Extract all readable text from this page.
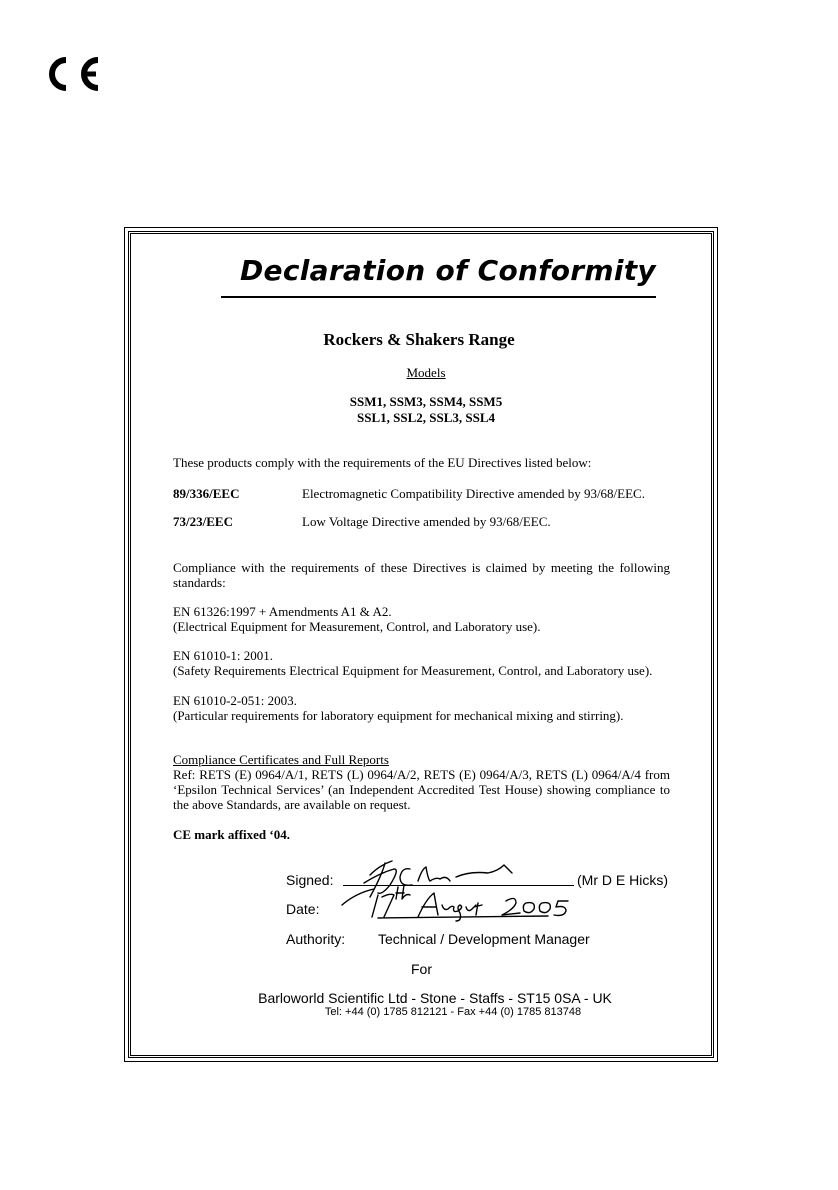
Declaration of Conformity
Rockers & Shakers Range
Models
SSM1, SSM3, SSM4, SSM5
SSL1, SSL2, SSL3, SSL4
These products comply with the requirements of the EU Directives listed below:
89/336/EEC	Electromagnetic Compatibility Directive amended by 93/68/EEC.
73/23/EEC	Low Voltage Directive amended by 93/68/EEC.
Compliance with the requirements of these Directives is claimed by meeting the following standards:
EN 61326:1997 + Amendments A1 & A2.
(Electrical Equipment for Measurement, Control, and Laboratory use).
EN 61010-1: 2001.
(Safety Requirements Electrical Equipment for Measurement, Control, and Laboratory use).
EN 61010-2-051: 2003.
(Particular requirements for laboratory equipment for mechanical mixing and stirring).
Compliance Certificates and Full Reports
Ref: RETS (E) 0964/A/1, RETS (L) 0964/A/2, RETS (E) 0964/A/3, RETS (L) 0964/A/4 from ‘Epsilon Technical Services’ (an Independent Accredited Test House) showing compliance to the above Standards, are available on request.
CE mark affixed ‘04.
Signed:	(Mr D E Hicks)
Date:
Authority: Technical / Development Manager
For
Barloworld Scientific Ltd - Stone - Staffs - ST15 0SA - UK
Tel: +44 (0) 1785 812121 - Fax +44 (0) 1785 813748
